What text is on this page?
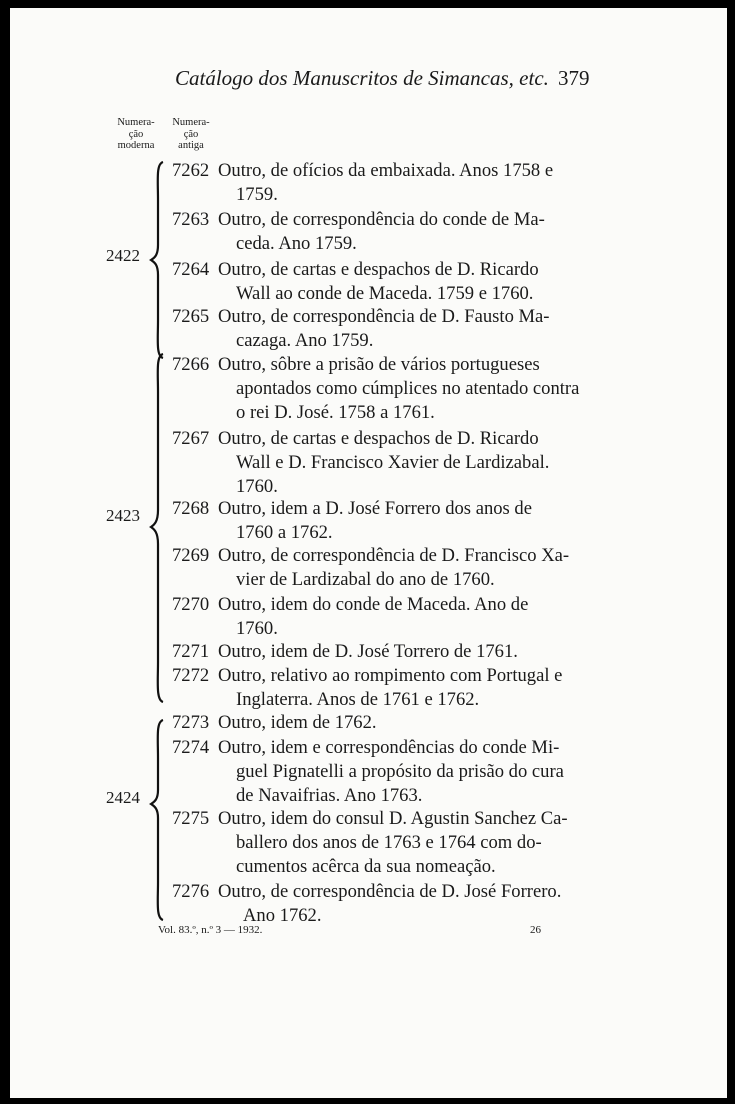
Catálogo dos Manuscritos de Simancas, etc. 379
Numera-
ção
moderna
Numera-
ção
antiga
2422
2423
2424
7262 Outro, de ofícios da embaixada. Anos 1758 e
1759.
7263 Outro, de correspondência do conde de Ma-
ceda. Ano 1759.
7264 Outro, de cartas e despachos de D. Ricardo
Wall ao conde de Maceda. 1759 e 1760.
7265 Outro, de correspondência de D. Fausto Ma-
cazaga. Ano 1759.
7266 Outro, sôbre a prisão de vários portugueses
apontados como cúmplices no atentado contra
o rei D. José. 1758 a 1761.
7267 Outro, de cartas e despachos de D. Ricardo
Wall e D. Francisco Xavier de Lardizabal.
1760.
7268 Outro, idem a D. José Forrero dos anos de
1760 a 1762.
7269 Outro, de correspondência de D. Francisco Xa-
vier de Lardizabal do ano de 1760.
7270 Outro, idem do conde de Maceda. Ano de
1760.
7271 Outro, idem de D. José Torrero de 1761.
7272 Outro, relativo ao rompimento com Portugal e
Inglaterra. Anos de 1761 e 1762.
7273 Outro, idem de 1762.
7274 Outro, idem e correspondências do conde Mi-
guel Pignatelli a propósito da prisão do cura
de Navaifrias. Ano 1763.
7275 Outro, idem do consul D. Agustin Sanchez Ca-
ballero dos anos de 1763 e 1764 com do-
cumentos acêrca da sua nomeação.
7276 Outro, de correspondência de D. José Forrero.
Ano 1762.
Vol. 83.º, n.º 3 — 1932.	26
